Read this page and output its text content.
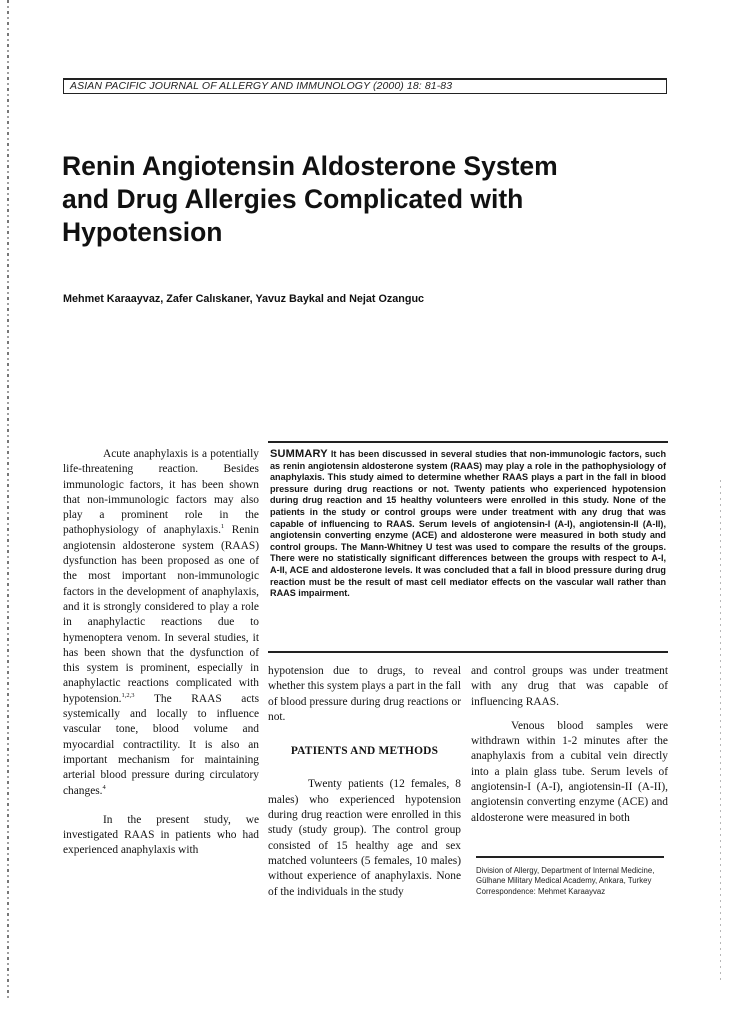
ASIAN PACIFIC JOURNAL OF ALLERGY AND IMMUNOLOGY (2000) 18: 81-83
Renin Angiotensin Aldosterone System
and Drug Allergies Complicated with
Hypotension
Mehmet Karaayvaz, Zafer Calıskaner, Yavuz Baykal and Nejat Ozanguc

Acute anaphylaxis is a potentially life-threatening reaction. Besides immunologic factors, it has been shown that non-immunologic factors may also play a prominent role in the pathophysiology of anaphylaxis.$^1$ Renin angiotensin aldosterone system (RAAS) dysfunction has been proposed as one of the most important non-immunologic factors in the development of anaphylaxis, and it is strongly considered to play a role in anaphylactic reactions due to hymenoptera venom. In several studies, it has been shown that the dysfunction of this system is prominent, especially in anaphylactic reactions complicated with hypotension.$^{1,2,3}$ The RAAS acts systemically and locally to influence vascular tone, blood volume and myocardial contractility. It is also an important mechanism for maintaining arterial blood pressure during circulatory changes.$^4$

In the present study, we investigated RAAS in patients who had experienced anaphylaxis with

SUMMARY It has been discussed in several studies that non-immunologic factors, such as renin angiotensin aldosterone system (RAAS) may play a role in the pathophysiology of anaphylaxis. This study aimed to determine whether RAAS plays a part in the fall in blood pressure during drug reactions or not. Twenty patients who experienced hypotension during drug reaction and 15 healthy volunteers were enrolled in this study. None of the patients in the study or control groups were under treatment with any drug that was capable of influencing to RAAS. Serum levels of angiotensin-I (A-I), angiotensin-II (A-II), angiotensin converting enzyme (ACE) and aldosterone were measured in both study and control groups. The Mann-Whitney U test was used to compare the results of the groups. There were no statistically significant differences between the groups with respect to A-I, A-II, ACE and aldosterone levels. It was concluded that a fall in blood pressure during drug reaction must be the result of mast cell mediator effects on the vascular wall rather than RAAS impairment.

hypotension due to drugs, to reveal whether this system plays a part in the fall of blood pressure during drug reactions or not.

PATIENTS AND METHODS

Twenty patients (12 females, 8 males) who experienced hypotension during drug reaction were enrolled in this study (study group). The control group consisted of 15 healthy age and sex matched volunteers (5 females, 10 males) without experience of anaphylaxis. None of the individuals in the study

and control groups was under treatment with any drug that was capable of influencing RAAS.

Venous blood samples were withdrawn within 1-2 minutes after the anaphylaxis from a cubital vein directly into a plain glass tube. Serum levels of angiotensin-I (A-I), angiotensin-II (A-II), angiotensin converting enzyme (ACE) and aldosterone were measured in both

Division of Allergy, Department of Internal Medicine, Gülhane Military Medical Academy, Ankara, Turkey
Correspondence: Mehmet Karaayvaz
